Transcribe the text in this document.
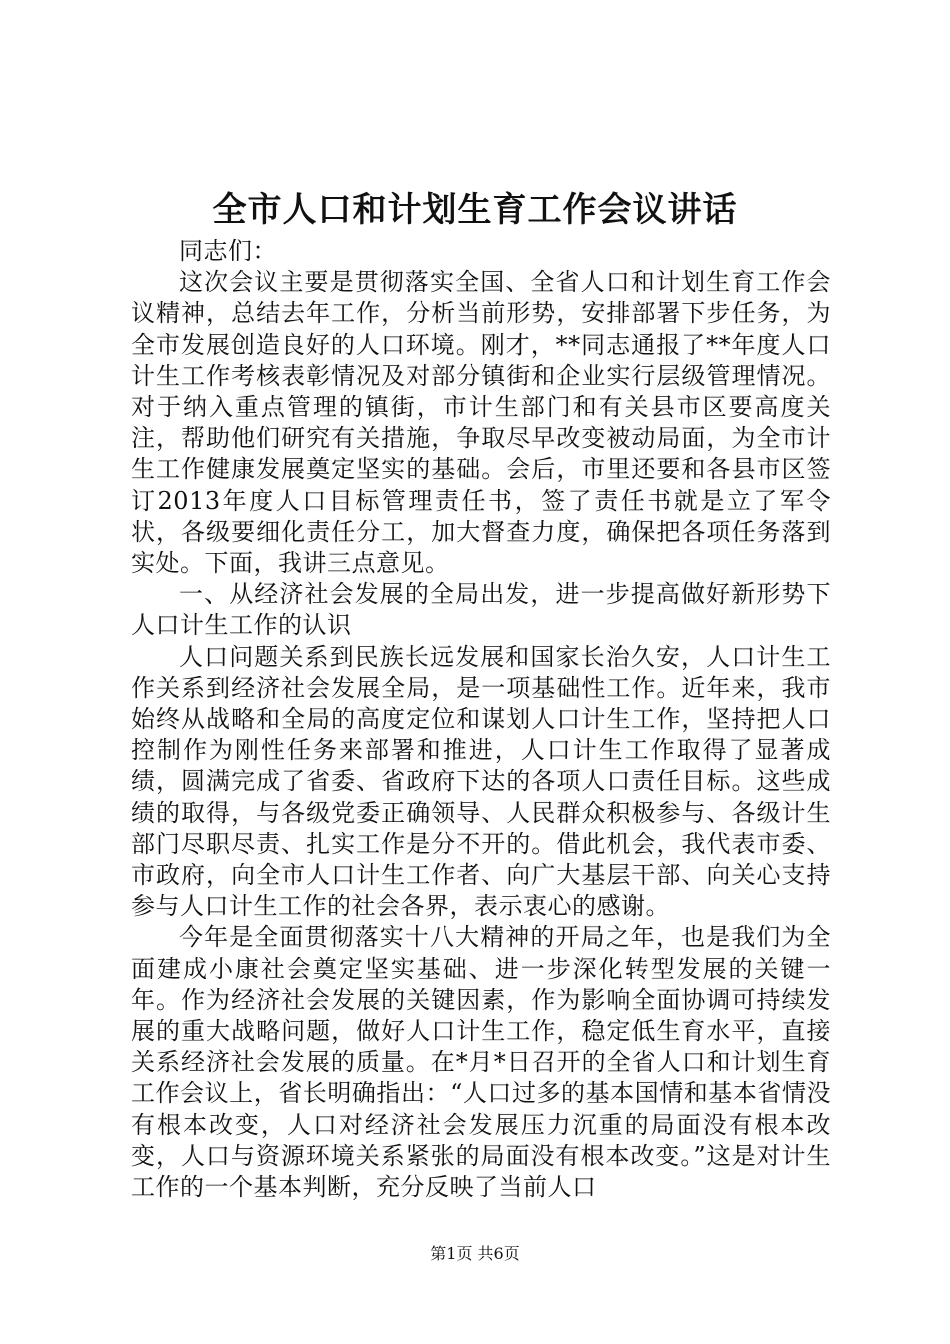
全市人口和计划生育工作会议讲话

同志们：

这次会议主要是贯彻落实全国、全省人口和计划生育工作会议精神，总结去年工作，分析当前形势，安排部署下步任务，为全市发展创造良好的人口环境。刚才，**同志通报了**年度人口计生工作考核表彰情况及对部分镇街和企业实行层级管理情况。对于纳入重点管理的镇街，市计生部门和有关县市区要高度关注，帮助他们研究有关措施，争取尽早改变被动局面，为全市计生工作健康发展奠定坚实的基础。会后，市里还要和各县市区签订2013年度人口目标管理责任书，签了责任书就是立了军令状，各级要细化责任分工，加大督查力度，确保把各项任务落到实处。下面，我讲三点意见。

一、从经济社会发展的全局出发，进一步提高做好新形势下人口计生工作的认识

人口问题关系到民族长远发展和国家长治久安，人口计生工作关系到经济社会发展全局，是一项基础性工作。近年来，我市始终从战略和全局的高度定位和谋划人口计生工作，坚持把人口控制作为刚性任务来部署和推进，人口计生工作取得了显著成绩，圆满完成了省委、省政府下达的各项人口责任目标。这些成绩的取得，与各级党委正确领导、人民群众积极参与、各级计生部门尽职尽责、扎实工作是分不开的。借此机会，我代表市委、市政府，向全市人口计生工作者、向广大基层干部、向关心支持参与人口计生工作的社会各界，表示衷心的感谢。

今年是全面贯彻落实十八大精神的开局之年，也是我们为全面建成小康社会奠定坚实基础、进一步深化转型发展的关键一年。作为经济社会发展的关键因素，作为影响全面协调可持续发展的重大战略问题，做好人口计生工作，稳定低生育水平，直接关系经济社会发展的质量。在*月*日召开的全省人口和计划生育工作会议上，省长明确指出：“人口过多的基本国情和基本省情没有根本改变，人口对经济社会发展压力沉重的局面没有根本改变，人口与资源环境关系紧张的局面没有根本改变。”这是对计生工作的一个基本判断，充分反映了当前人口

第1页 共6页
